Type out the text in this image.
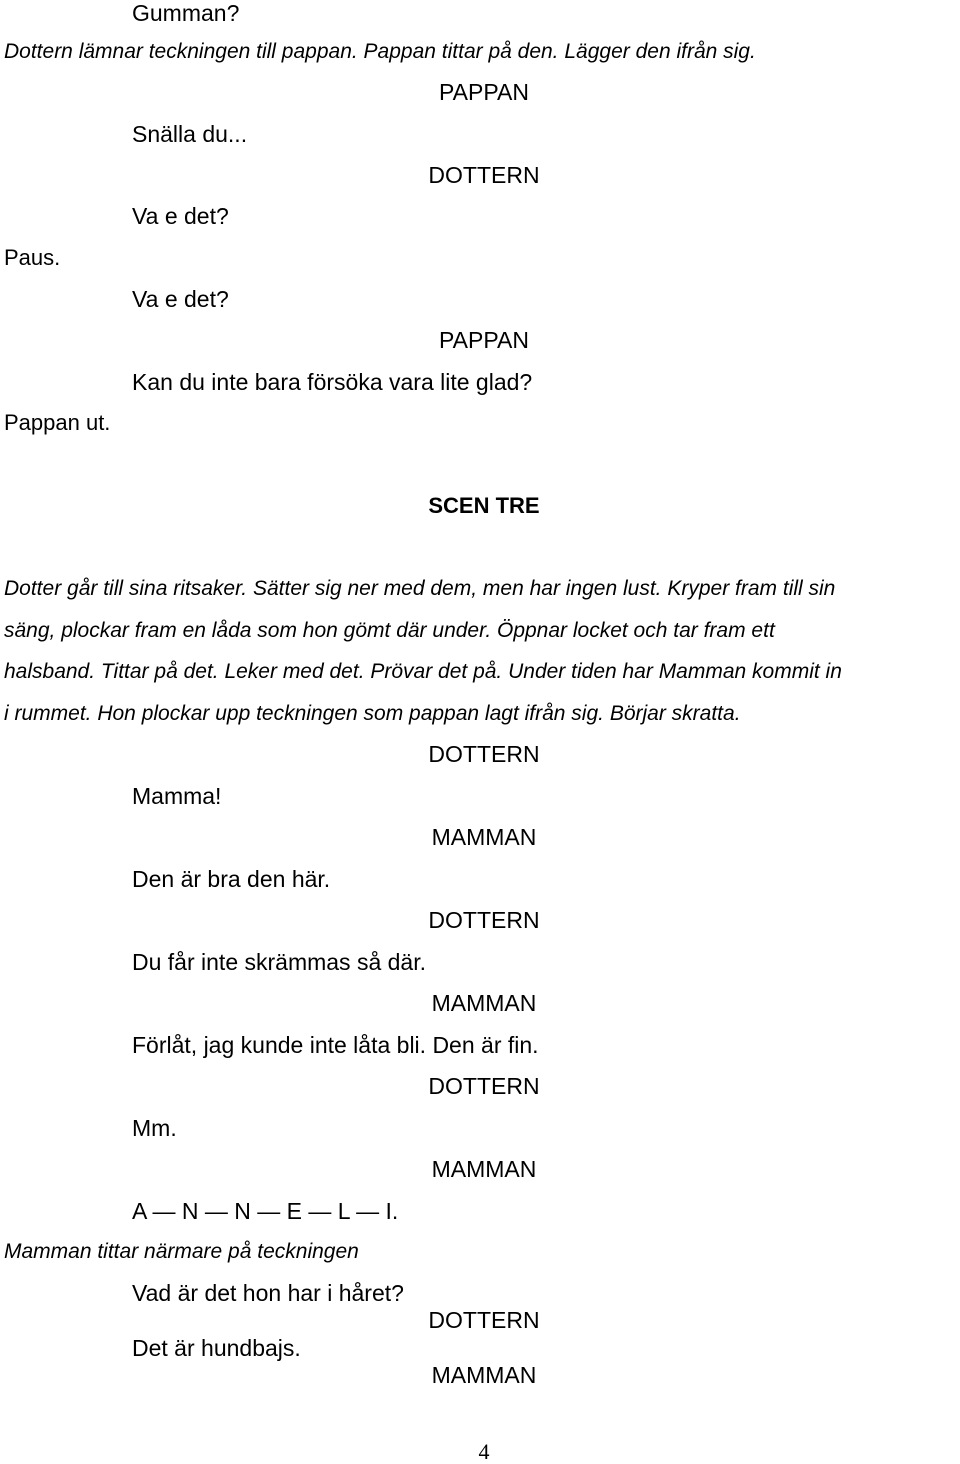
Gumman?
Dottern lämnar teckningen till pappan. Pappan tittar på den. Lägger den ifrån sig.
PAPPAN
Snälla du...
DOTTERN
Va e det?
Paus.
Va e det?
PAPPAN
Kan du inte bara försöka vara lite glad?
Pappan ut.
SCEN TRE
Dotter går till sina ritsaker. Sätter sig ner med dem, men har ingen lust. Kryper fram till sin
säng, plockar fram en låda som hon gömt där under. Öppnar locket och tar fram ett
halsband. Tittar på det. Leker med det. Prövar det på. Under tiden har Mamman kommit in
i rummet. Hon plockar upp teckningen som pappan lagt ifrån sig. Börjar skratta.
DOTTERN
Mamma!
MAMMAN
Den är bra den här.
DOTTERN
Du får inte skrämmas så där.
MAMMAN
Förlåt, jag kunde inte låta bli. Den är fin.
DOTTERN
Mm.
MAMMAN
A — N — N — E — L — I.
Mamman tittar närmare på teckningen
Vad är det hon har i håret?
DOTTERN
Det är hundbajs.
MAMMAN
4
